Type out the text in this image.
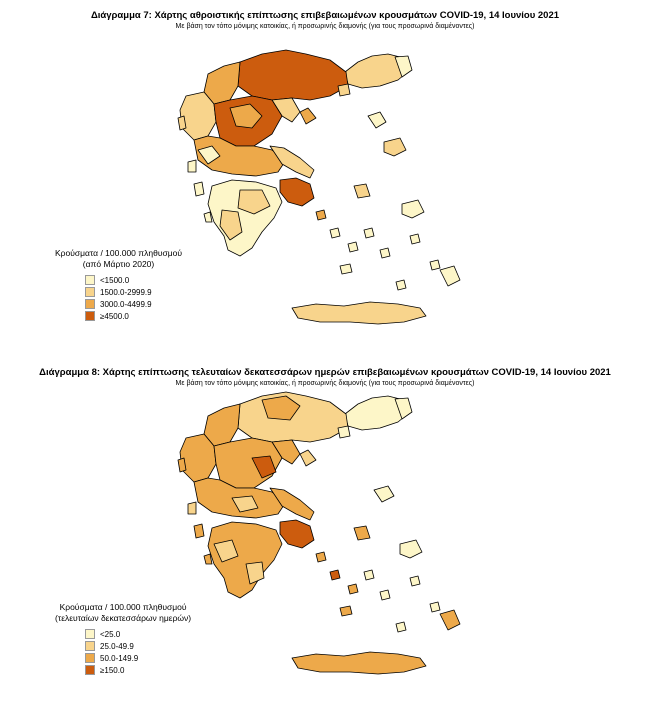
Διάγραμμα 7: Χάρτης αθροιστικής επίπτωσης επιβεβαιωμένων κρουσμάτων COVID-19, 14 Ιουνίου 2021
Με βάση τον τόπο μόνιμης κατοικίας, ή προσωρινής διαμονής (για τους προσωρινά διαμένοντες)
Κρούσματα / 100.000 πληθυσμού
(από Μάρτιο 2020)
<1500.0
1500.0-2999.9
3000.0-4499.9
≥4500.0
Διάγραμμα 8: Χάρτης επίπτωσης τελευταίων δεκατεσσάρων ημερών επιβεβαιωμένων κρουσμάτων COVID-19, 14 Ιουνίου 2021
Με βάση τον τόπο μόνιμης κατοικίας, ή προσωρινής διαμονής (για τους προσωρινά διαμένοντες)
Κρούσματα / 100.000 πληθυσμού
(τελευταίων δεκατεσσάρων ημερών)
<25.0
25.0-49.9
50.0-149.9
≥150.0
